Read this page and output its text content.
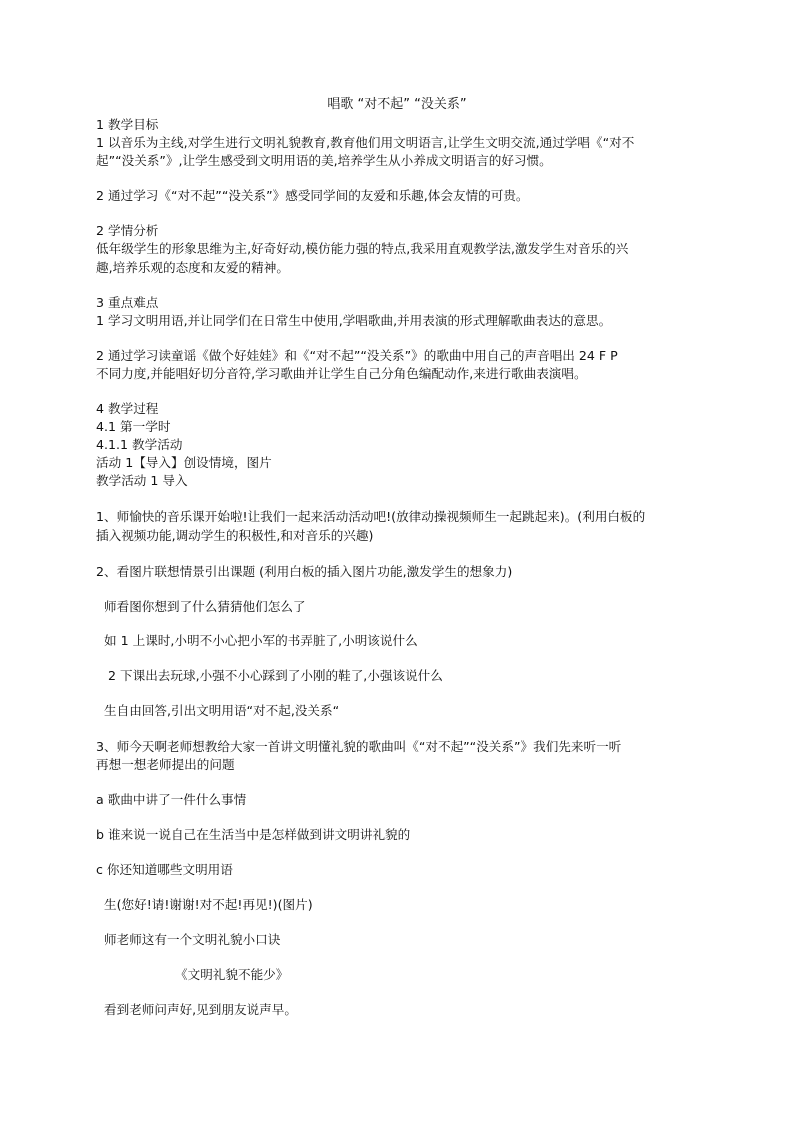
唱歌 “对不起” “没关系”
1 教学目标
1 以音乐为主线,对学生进行文明礼貌教育,教育他们用文明语言,让学生文明交流,通过学唱《“对不
起”“没关系”》,让学生感受到文明用语的美,培养学生从小养成文明语言的好习惯。
2 通过学习《“对不起”“没关系”》感受同学间的友爱和乐趣,体会友情的可贵。
2 学情分析
低年级学生的形象思维为主,好奇好动,模仿能力强的特点,我采用直观教学法,激发学生对音乐的兴
趣,培养乐观的态度和友爱的精神。
3 重点难点
1 学习文明用语,并让同学们在日常生中使用,学唱歌曲,并用表演的形式理解歌曲表达的意思。
2 通过学习读童谣《做个好娃娃》和《“对不起”“没关系”》的歌曲中用自己的声音唱出 24 F P
不同力度,并能唱好切分音符,学习歌曲并让学生自己分角色编配动作,来进行歌曲表演唱。
4 教学过程
4.1 第一学时
4.1.1 教学活动
活动 1【导入】创设情境，图片
教学活动 1 导入
1、师愉快的音乐课开始啦!让我们一起来活动活动吧!(放律动操视频师生一起跳起来)。(利用白板的
插入视频功能,调动学生的积极性,和对音乐的兴趣)
2、看图片联想情景引出课题 (利用白板的插入图片功能,激发学生的想象力)
师看图你想到了什么猜猜他们怎么了
如 1 上课时,小明不小心把小军的书弄脏了,小明该说什么
2 下课出去玩球,小强不小心踩到了小刚的鞋了,小强该说什么
生自由回答,引出文明用语“对不起,没关系“
3、师今天啊老师想教给大家一首讲文明懂礼貌的歌曲叫《“对不起”“没关系”》我们先来听一听
再想一想老师提出的问题
a 歌曲中讲了一件什么事情
b 谁来说一说自己在生活当中是怎样做到讲文明讲礼貌的
c 你还知道哪些文明用语
生(您好!请!谢谢!对不起!再见!)(图片)
师老师这有一个文明礼貌小口诀
《文明礼貌不能少》
看到老师问声好,见到朋友说声早。
